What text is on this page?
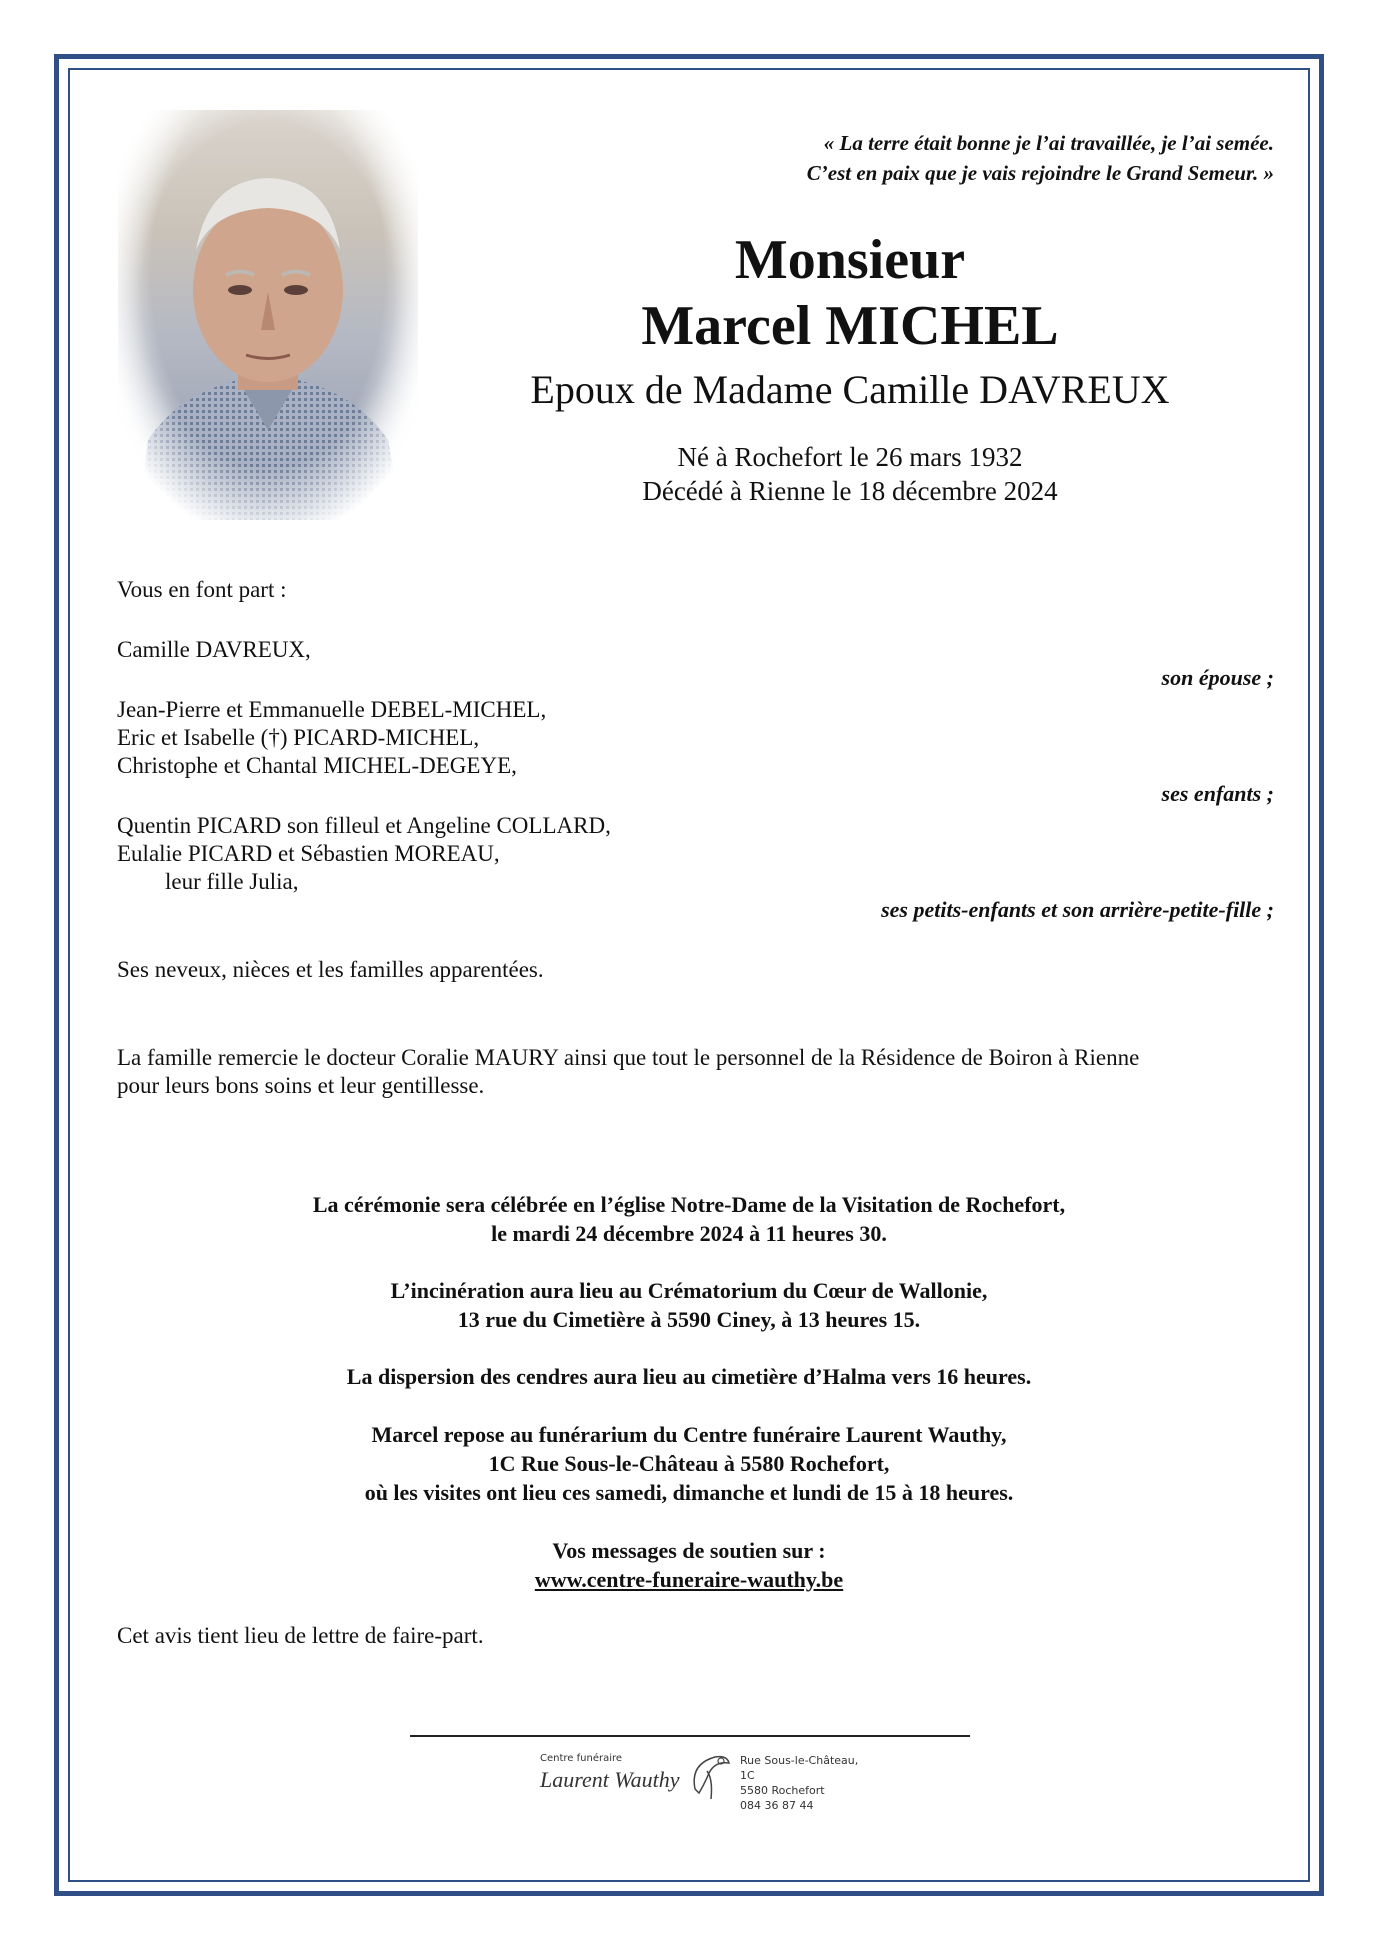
« La terre était bonne je l’ai travaillée, je l’ai semée.
C’est en paix que je vais rejoindre le Grand Semeur. »
Monsieur
Marcel MICHEL
Epoux de Madame Camille DAVREUX
Né à Rochefort le 26 mars 1932
Décédé à Rienne le 18 décembre 2024
Vous en font part :
Camille DAVREUX,
son épouse ;
Jean-Pierre et Emmanuelle DEBEL-MICHEL,
Eric et Isabelle (†) PICARD-MICHEL,
Christophe et Chantal MICHEL-DEGEYE,
ses enfants ;
Quentin PICARD son filleul et Angeline COLLARD,
Eulalie PICARD et Sébastien MOREAU,
leur fille Julia,
ses petits-enfants et son arrière-petite-fille ;
Ses neveux, nièces et les familles apparentées.
La famille remercie le docteur Coralie MAURY ainsi que tout le personnel de la Résidence de Boiron à Rienne
pour leurs bons soins et leur gentillesse.
La cérémonie sera célébrée en l’église Notre-Dame de la Visitation de Rochefort,
le mardi 24 décembre 2024 à 11 heures 30.
L’incinération aura lieu au Crématorium du Cœur de Wallonie,
13 rue du Cimetière à 5590 Ciney, à 13 heures 15.
La dispersion des cendres aura lieu au cimetière d’Halma vers 16 heures.
Marcel repose au funérarium du Centre funéraire Laurent Wauthy,
1C Rue Sous-le-Château à 5580 Rochefort,
où les visites ont lieu ces samedi, dimanche et lundi de 15 à 18 heures.
Vos messages de soutien sur :
www.centre-funeraire-wauthy.be
Cet avis tient lieu de lettre de faire-part.
Centre funéraire
Laurent Wauthy
Rue Sous-le-Château, 1C
5580 Rochefort
084 36 87 44
